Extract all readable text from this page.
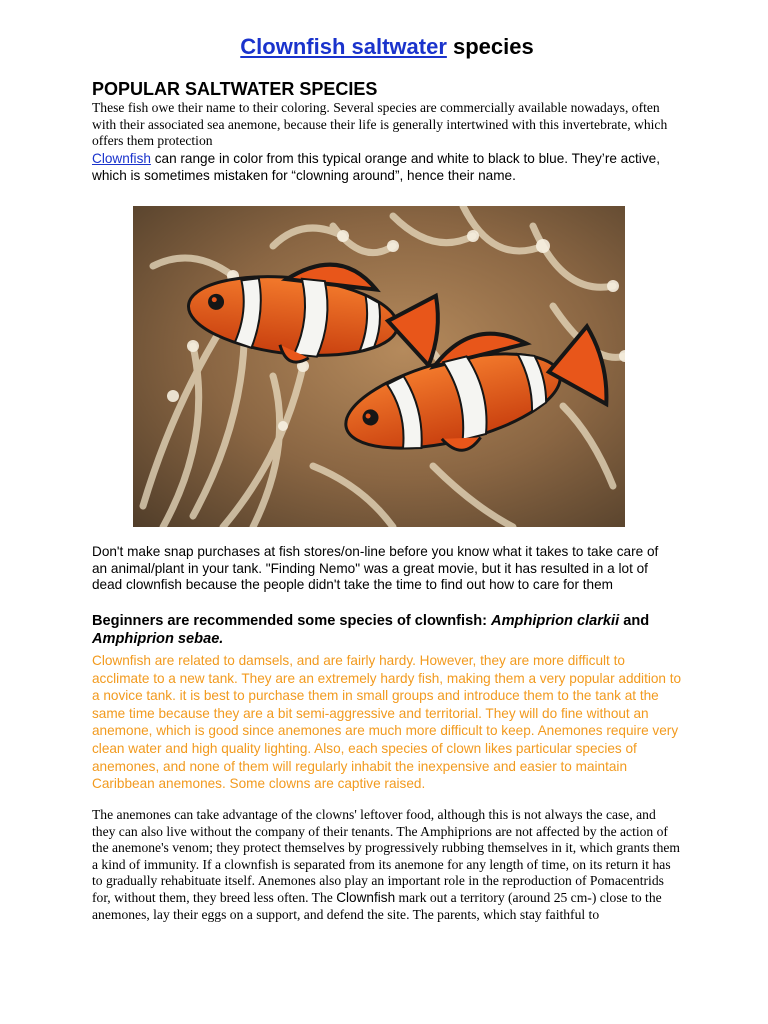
Clownfish saltwater species
POPULAR SALTWATER SPECIES
These fish owe their name to their coloring. Several species are commercially available nowadays, often with their associated sea anemone, because their life is generally intertwined with this invertebrate, which offers them protection
Clownfish can range in color from this typical orange and white to black to blue. They’re active, which is sometimes mistaken for “clowning around”, hence their name.
Don't make snap purchases at fish stores/on-line before you know what it takes to take care of an animal/plant in your tank. "Finding Nemo" was a great movie, but it has resulted in a lot of dead clownfish because the people didn't take the time to find out how to care for them
Beginners are recommended some species of clownfish: Amphiprion clarkii and Amphiprion sebae.
Clownfish are related to damsels, and are fairly hardy. However, they are more difficult to acclimate to a new tank. They are an extremely hardy fish, making them a very popular addition to a novice tank. it is best to purchase them in small groups and introduce them to the tank at the same time because they are a bit semi-aggressive and territorial. They will do fine without an anemone, which is good since anemones are much more difficult to keep. Anemones require very clean water and high quality lighting. Also, each species of clown likes particular species of anemones, and none of them will regularly inhabit the inexpensive and easier to maintain Caribbean anemones. Some clowns are captive raised.
The anemones can take advantage of the clowns' leftover food, although this is not always the case, and they can also live without the company of their tenants. The Amphiprions are not affected by the action of the anemone's venom; they protect themselves by progressively rubbing themselves in it, which grants them a kind of immunity. If a clownfish is separated from its anemone for any length of time, on its return it has to gradually rehabituate itself. Anemones also play an important role in the reproduction of Pomacentrids for, without them, they breed less often. The Clownfish mark out a territory (around 25 cm-) close to the anemones, lay their eggs on a support, and defend the site. The parents, which stay faithful to
